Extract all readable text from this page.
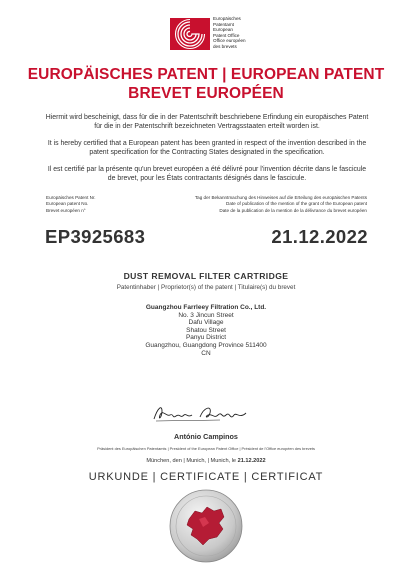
Europäisches
Patentamt
European
Patent Office
Office européen
des brevets
EUROPÄISCHES PATENT | EUROPEAN PATENT
BREVET EUROPÉEN
Hiermit wird bescheinigt, dass für die in der Patentschrift beschriebene Erfindung ein europäisches Patent für die in der Patentschrift bezeichneten Vertragsstaaten erteilt worden ist.
It is hereby certified that a European patent has been granted in respect of the invention described in the patent specification for the Contracting States designated in the specification.
Il est certifié par la présente qu'un brevet européen a été délivré pour l'invention décrite dans le fascicule de brevet, pour les États contractants désignés dans le fascicule.
Europäisches Patent Nr.
European patent No.
Brevet européen n°
Tag der Bekanntmachung des Hinweises auf die Erteilung des europäischen Patents
Date of publication of the mention of the grant of the European patent
Date de la publication de la mention de la délivrance du brevet européen
EP3925683	21.12.2022
DUST REMOVAL FILTER CARTRIDGE
Patentinhaber | Proprietor(s) of the patent | Titulaire(s) du brevet
Guangzhou Farrleey Filtration Co., Ltd.
No. 3 Jincun Street
Dafu Village
Shatou Street
Panyu District
Guangzhou, Guangdong Province 511400
CN
António Campinos
Präsident des Europäischen Patentamts | President of the European Patent Office | Président de l'Office européen des brevets
München, den | Munich, | Munich, le 21.12.2022
URKUNDE | CERTIFICATE | CERTIFICAT
